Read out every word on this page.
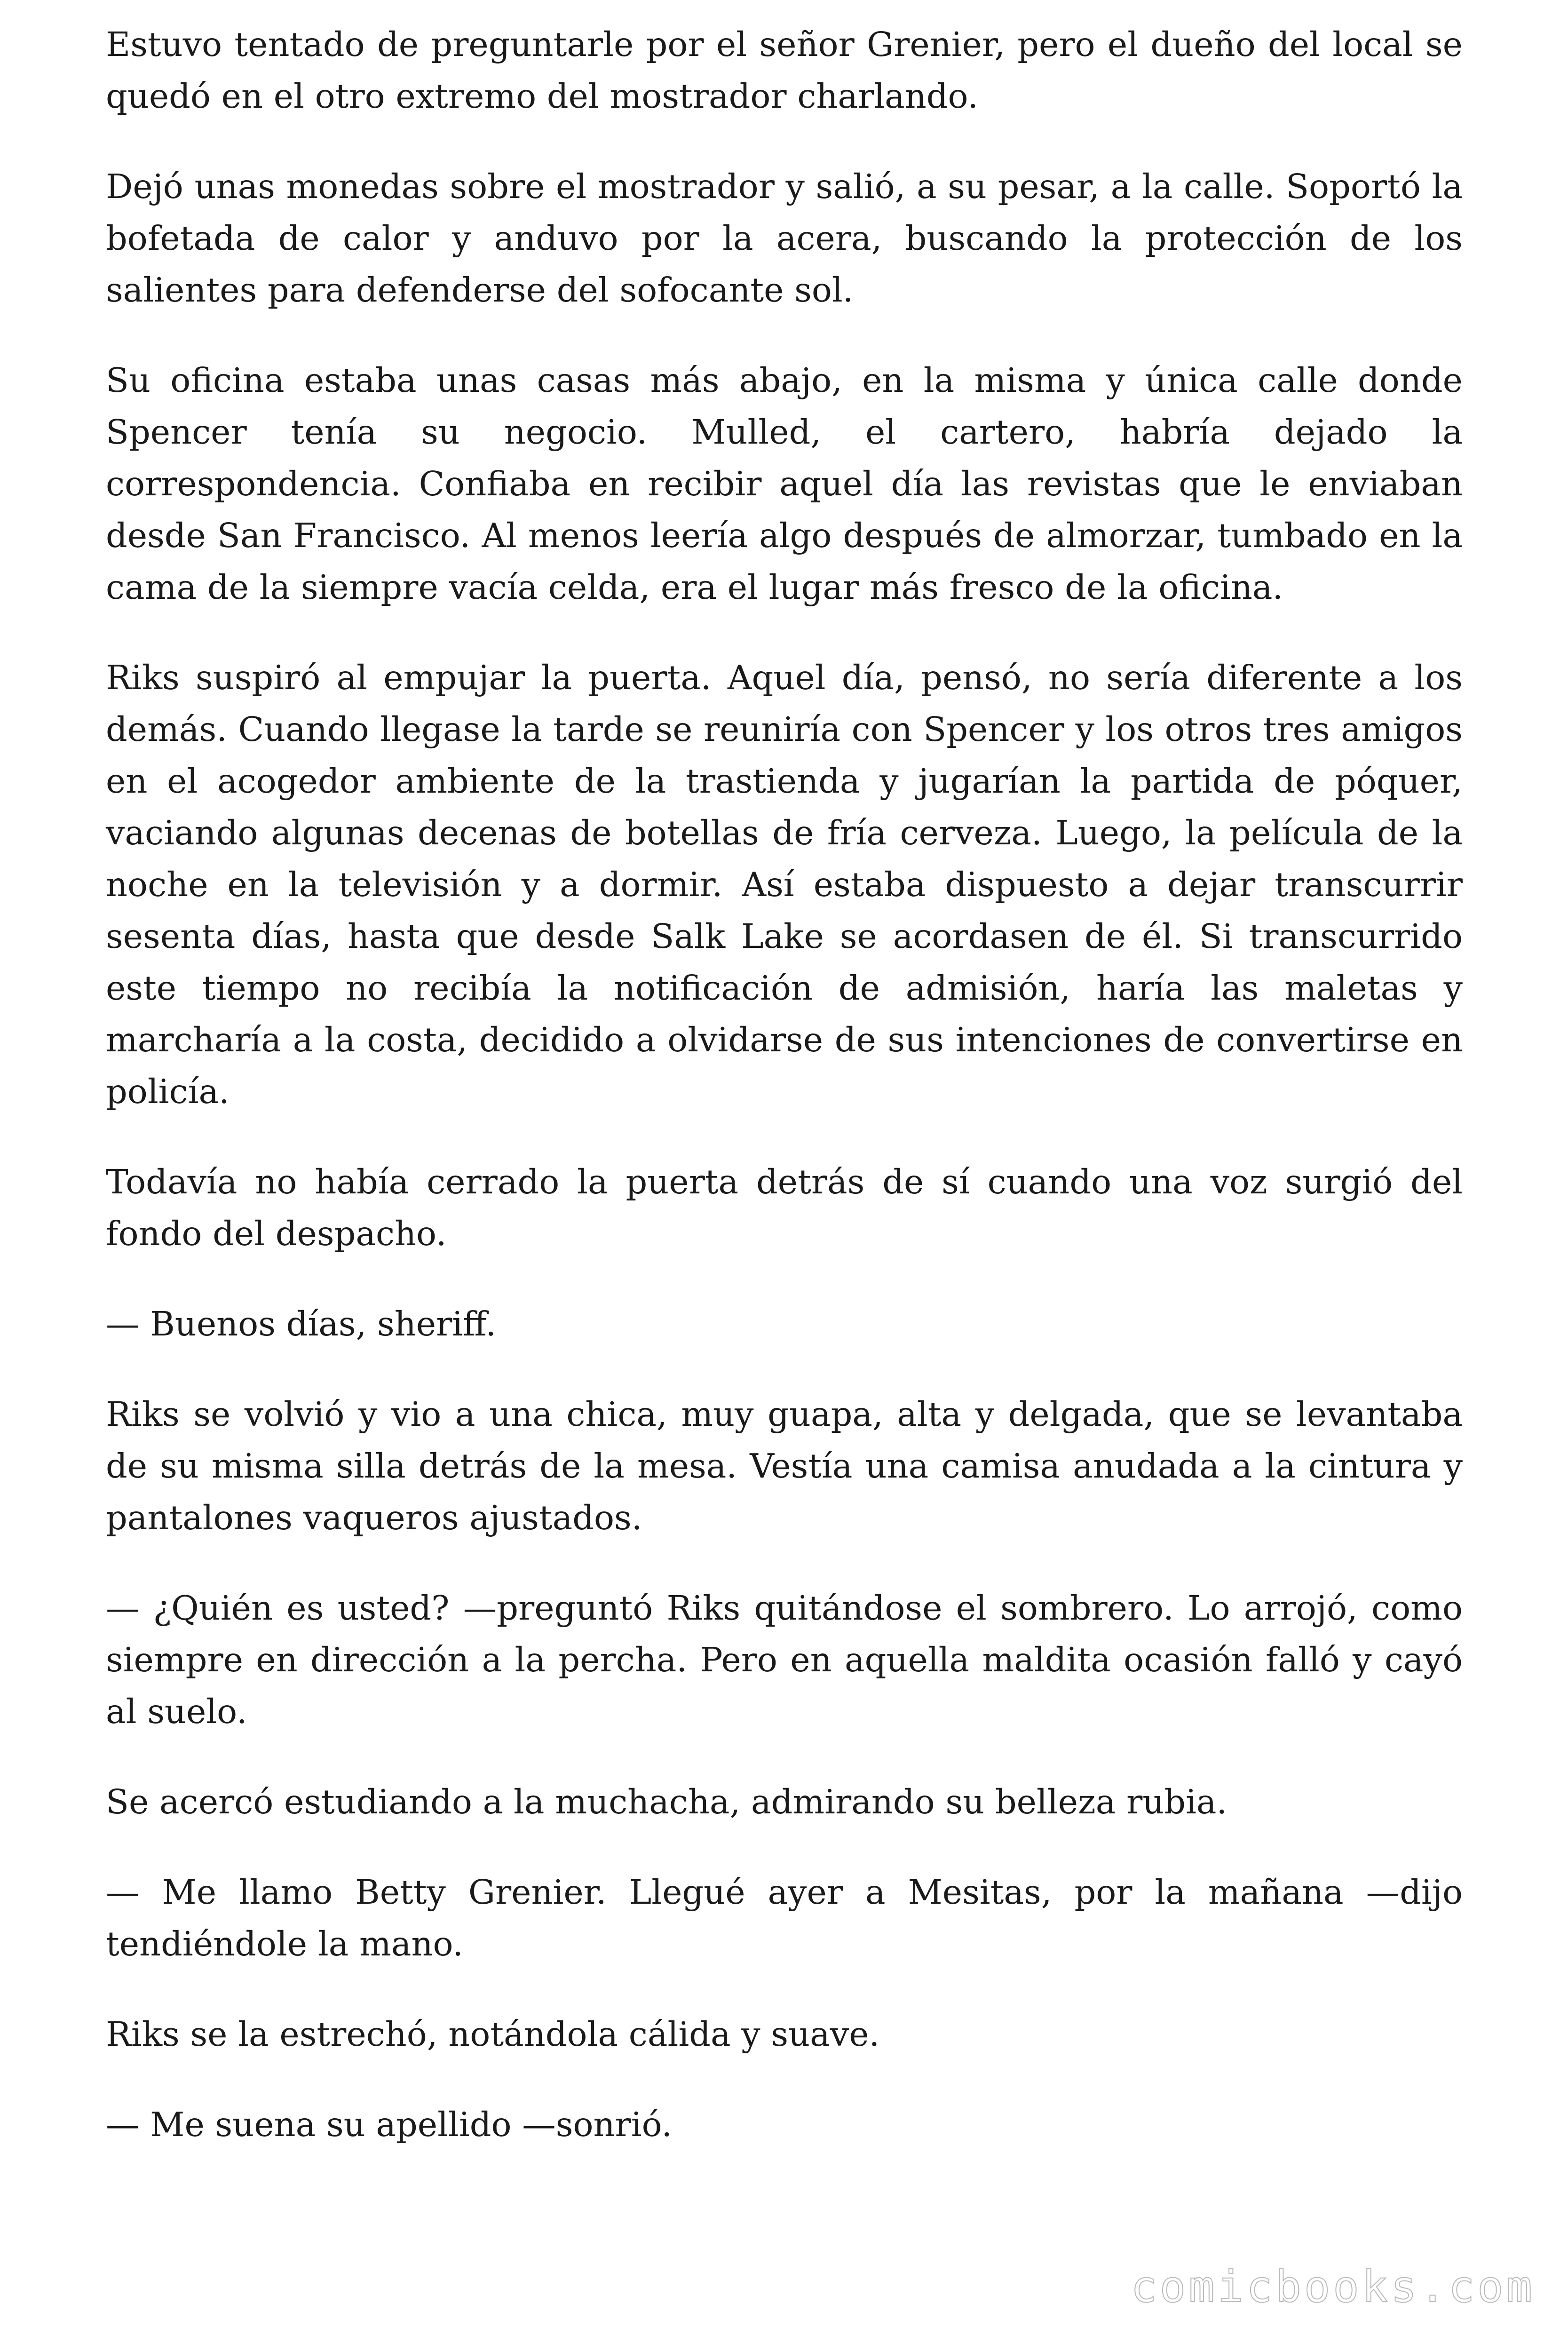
Estuvo tentado de preguntarle por el señor Grenier, pero el dueño del local se quedó en el otro extremo del mostrador charlando.

Dejó unas monedas sobre el mostrador y salió, a su pesar, a la calle. Soportó la bofetada de calor y anduvo por la acera, buscando la protección de los salientes para defenderse del sofocante sol.

Su oficina estaba unas casas más abajo, en la misma y única calle donde Spencer tenía su negocio. Mulled, el cartero, habría dejado la correspondencia. Confiaba en recibir aquel día las revistas que le enviaban desde San Francisco. Al menos leería algo después de almorzar, tumbado en la cama de la siempre vacía celda, era el lugar más fresco de la oficina.

Riks suspiró al empujar la puerta. Aquel día, pensó, no sería diferente a los demás. Cuando llegase la tarde se reuniría con Spencer y los otros tres amigos en el acogedor ambiente de la trastienda y jugarían la partida de póquer, vaciando algunas decenas de botellas de fría cerveza. Luego, la película de la noche en la televisión y a dormir. Así estaba dispuesto a dejar transcurrir sesenta días, hasta que desde Salk Lake se acordasen de él. Si transcurrido este tiempo no recibía la notificación de admisión, haría las maletas y marcharía a la costa, decidido a olvidarse de sus intenciones de convertirse en policía.

Todavía no había cerrado la puerta detrás de sí cuando una voz surgió del fondo del despacho.

— Buenos días, sheriff.

Riks se volvió y vio a una chica, muy guapa, alta y delgada, que se levantaba de su misma silla detrás de la mesa. Vestía una camisa anudada a la cintura y pantalones vaqueros ajustados.

— ¿Quién es usted? —preguntó Riks quitándose el sombrero. Lo arrojó, como siempre en dirección a la percha. Pero en aquella maldita ocasión falló y cayó al suelo.

Se acercó estudiando a la muchacha, admirando su belleza rubia.

— Me llamo Betty Grenier. Llegué ayer a Mesitas, por la mañana —dijo tendiéndole la mano.

Riks se la estrechó, notándola cálida y suave.

— Me suena su apellido —sonrió.

comicbooks.com
